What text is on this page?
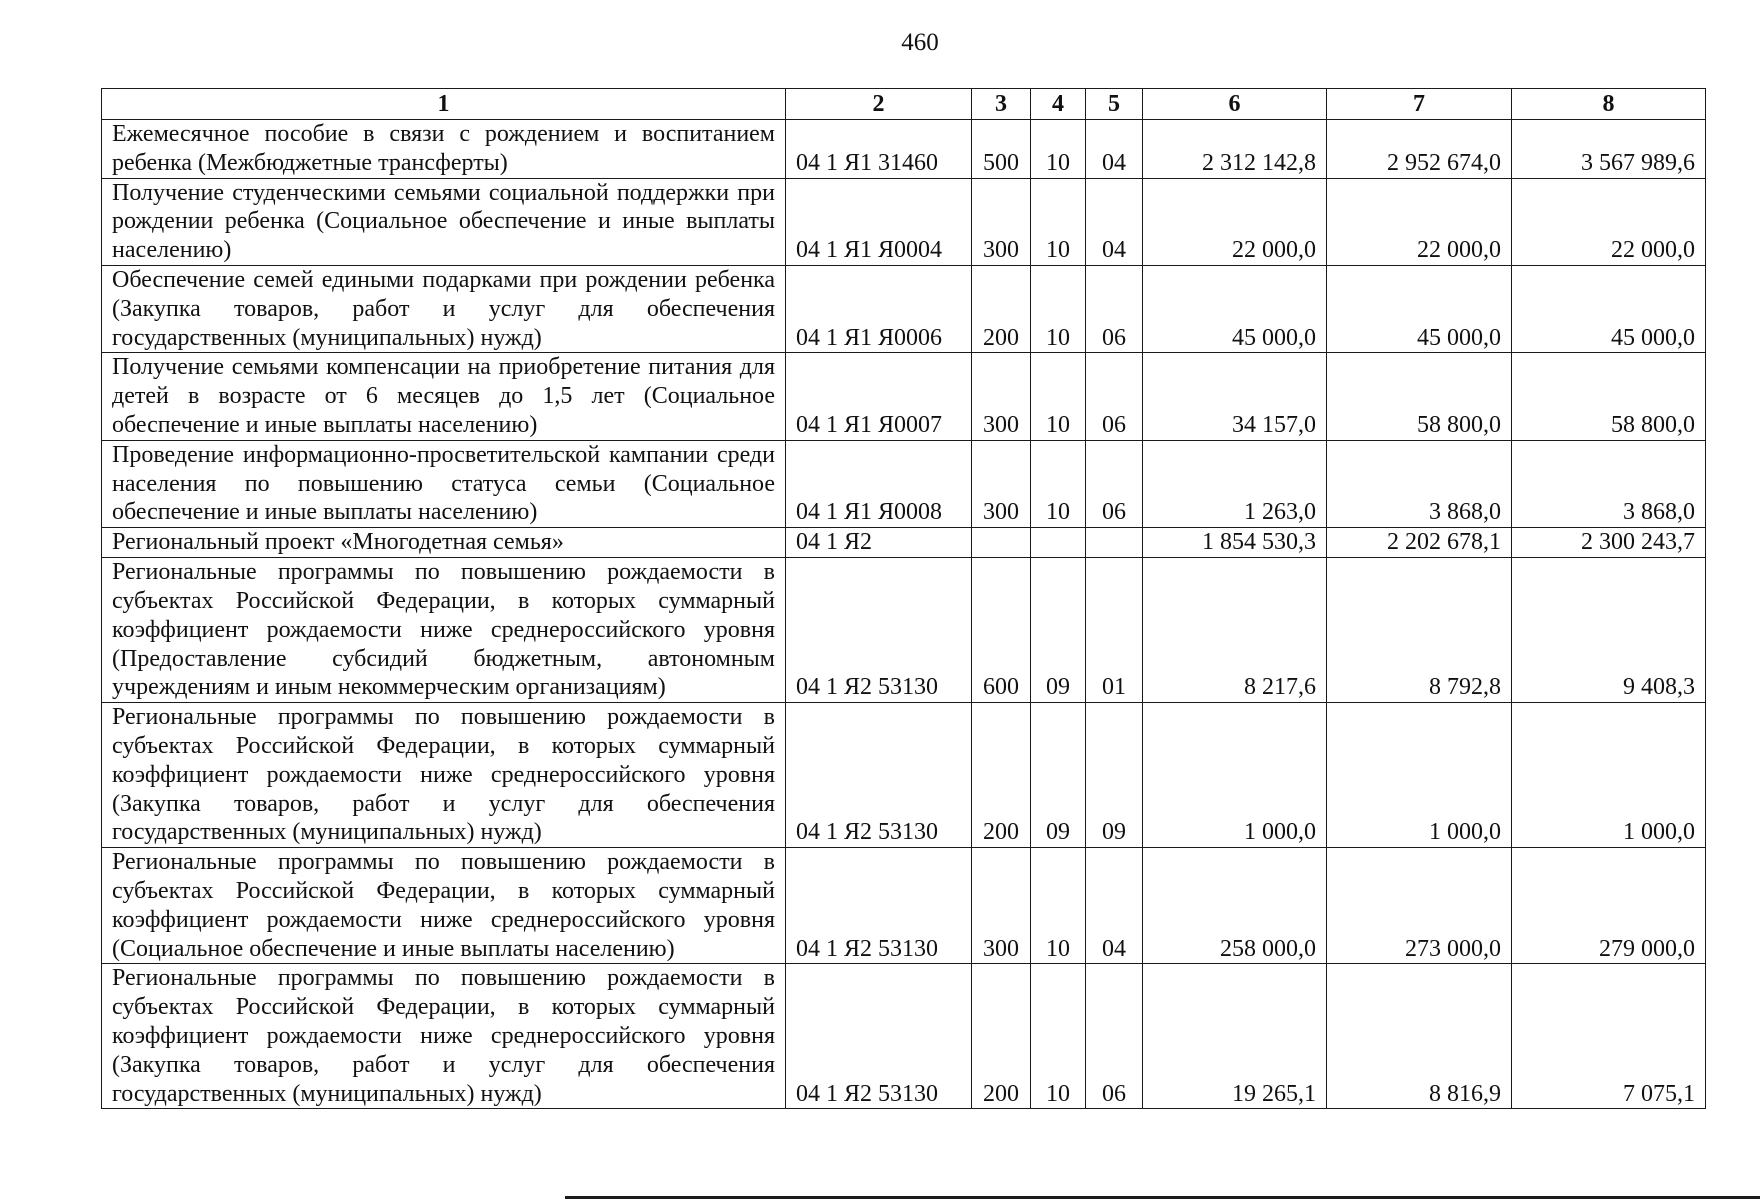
460
1	2	3	4	5	6	7	8
Ежемесячное пособие в связи с рождением и воспитанием ребенка (Межбюджетные трансферты)	04 1 Я1 31460	500	10	04	2 312 142,8	2 952 674,0	3 567 989,6
Получение студенческими семьями социальной поддержки при рождении ребенка (Социальное обеспечение и иные выплаты населению)	04 1 Я1 Я0004	300	10	04	22 000,0	22 000,0	22 000,0
Обеспечение семей едиными подарками при рождении ребенка (Закупка товаров, работ и услуг для обеспечения государственных (муниципальных) нужд)	04 1 Я1 Я0006	200	10	06	45 000,0	45 000,0	45 000,0
Получение семьями компенсации на приобретение питания для детей в возрасте от 6 месяцев до 1,5 лет (Социальное обеспечение и иные выплаты населению)	04 1 Я1 Я0007	300	10	06	34 157,0	58 800,0	58 800,0
Проведение информационно-просветительской кампании среди населения по повышению статуса семьи (Социальное обеспечение и иные выплаты населению)	04 1 Я1 Я0008	300	10	06	1 263,0	3 868,0	3 868,0
Региональный проект «Многодетная семья»	04 1 Я2				1 854 530,3	2 202 678,1	2 300 243,7
Региональные программы по повышению рождаемости в субъектах Российской Федерации, в которых суммарный коэффициент рождаемости ниже среднероссийского уровня (Предоставление субсидий бюджетным, автономным учреждениям и иным некоммерческим организациям)	04 1 Я2 53130	600	09	01	8 217,6	8 792,8	9 408,3
Региональные программы по повышению рождаемости в субъектах Российской Федерации, в которых суммарный коэффициент рождаемости ниже среднероссийского уровня (Закупка товаров, работ и услуг для обеспечения государственных (муниципальных) нужд)	04 1 Я2 53130	200	09	09	1 000,0	1 000,0	1 000,0
Региональные программы по повышению рождаемости в субъектах Российской Федерации, в которых суммарный коэффициент рождаемости ниже среднероссийского уровня (Социальное обеспечение и иные выплаты населению)	04 1 Я2 53130	300	10	04	258 000,0	273 000,0	279 000,0
Региональные программы по повышению рождаемости в субъектах Российской Федерации, в которых суммарный коэффициент рождаемости ниже среднероссийского уровня (Закупка товаров, работ и услуг для обеспечения государственных (муниципальных) нужд)	04 1 Я2 53130	200	10	06	19 265,1	8 816,9	7 075,1
